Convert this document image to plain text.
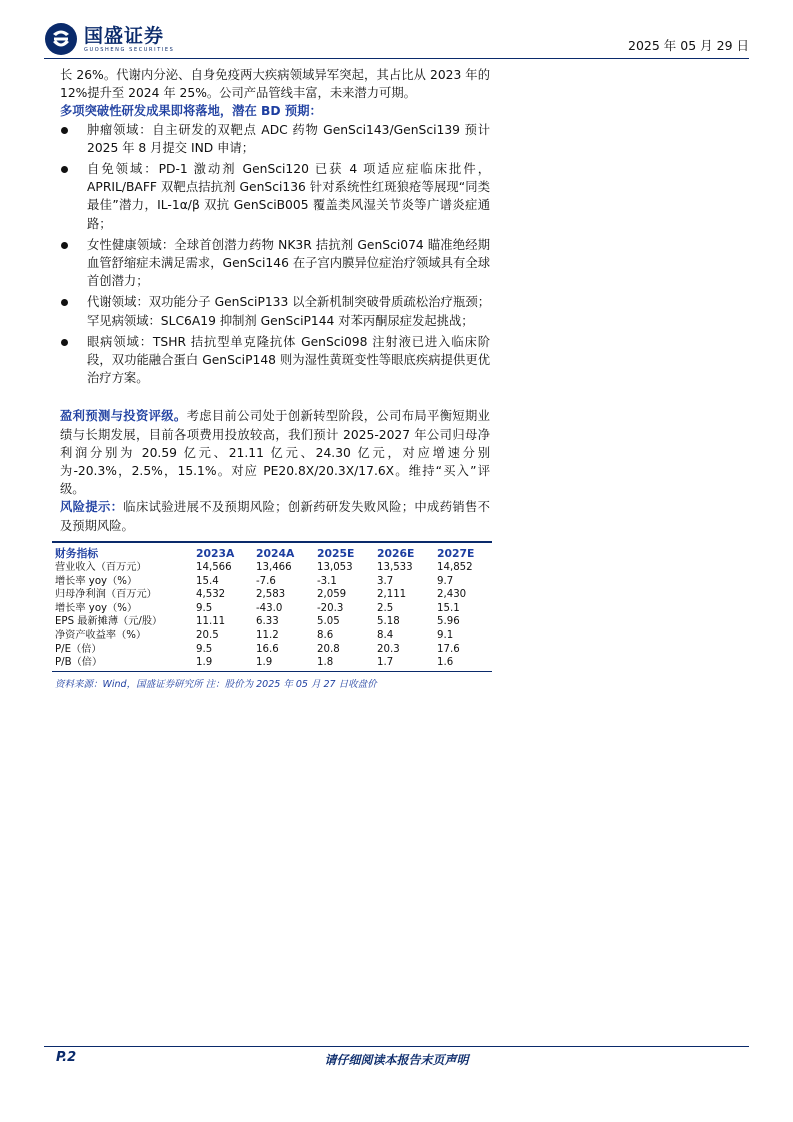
国盛证券
GUOSHENG SECURITIES	2025 年 05 月 29 日

长 26%。代谢内分泌、自身免疫两大疾病领域异军突起，其占比从 2023 年的 12%提升至 2024 年 25%。公司产品管线丰富，未来潜力可期。

多项突破性研发成果即将落地，潜在 BD 预期：

肿瘤领域：自主研发的双靶点 ADC 药物 GenSci143/GenSci139 预计 2025 年 8 月提交 IND 申请；
自免领域：PD-1 激动剂 GenSci120 已获 4 项适应症临床批件，APRIL/BAFF 双靶点拮抗剂 GenSci136 针对系统性红斑狼疮等展现“同类最佳”潜力，IL-1α/β 双抗 GenSciB005 覆盖类风湿关节炎等广谱炎症通路；
女性健康领域：全球首创潜力药物 NK3R 拮抗剂 GenSci074 瞄准绝经期血管舒缩症未满足需求，GenSci146 在子宫内膜异位症治疗领域具有全球首创潜力；
代谢领域：双功能分子 GenSciP133 以全新机制突破骨质疏松治疗瓶颈；罕见病领域：SLC6A19 抑制剂 GenSciP144 对苯丙酮尿症发起挑战；
眼病领域：TSHR 拮抗型单克隆抗体 GenSci098 注射液已进入临床阶段，双功能融合蛋白 GenSciP148 则为湿性黄斑变性等眼底疾病提供更优治疗方案。

盈利预测与投资评级。考虑目前公司处于创新转型阶段，公司布局平衡短期业绩与长期发展，目前各项费用投放较高，我们预计 2025-2027 年公司归母净利润分别为 20.59 亿元、21.11 亿元、24.30 亿元，对应增速分别为-20.3%，2.5%，15.1%。对应 PE20.8X/20.3X/17.6X。维持“买入”评级。

风险提示：临床试验进展不及预期风险；创新药研发失败风险；中成药销售不及预期风险。

财务指标	2023A	2024A	2025E	2026E	2027E
营业收入（百万元）	14,566	13,466	13,053	13,533	14,852
增长率 yoy（%）	15.4	-7.6	-3.1	3.7	9.7
归母净利润（百万元）	4,532	2,583	2,059	2,111	2,430
增长率 yoy（%）	9.5	-43.0	-20.3	2.5	15.1
EPS 最新摊薄（元/股）	11.11	6.33	5.05	5.18	5.96
净资产收益率（%）	20.5	11.2	8.6	8.4	9.1
P/E（倍）	9.5	16.6	20.8	20.3	17.6
P/B（倍）	1.9	1.9	1.8	1.7	1.6
资料来源：Wind，国盛证券研究所 注：股价为 2025 年 05 月 27 日收盘价
P.2	请仔细阅读本报告末页声明
